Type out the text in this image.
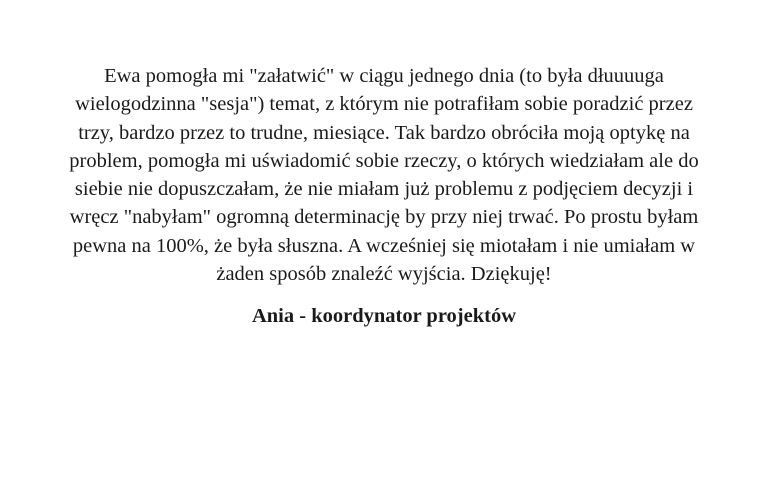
Ewa pomogła mi "załatwić" w ciągu jednego dnia (to była dłuuuuga wielogodzinna "sesja") temat, z którym nie potrafiłam sobie poradzić przez trzy, bardzo przez to trudne, miesiące. Tak bardzo obróciła moją optykę na problem, pomogła mi uświadomić sobie rzeczy, o których wiedziałam ale do siebie nie dopuszczałam, że nie miałam już problemu z podjęciem decyzji i wręcz "nabyłam" ogromną determinację by przy niej trwać. Po prostu byłam pewna na 100%, że była słuszna. A wcześniej się miotałam i nie umiałam w żaden sposób znaleźć wyjścia. Dziękuję!

Ania - koordynator projektów
